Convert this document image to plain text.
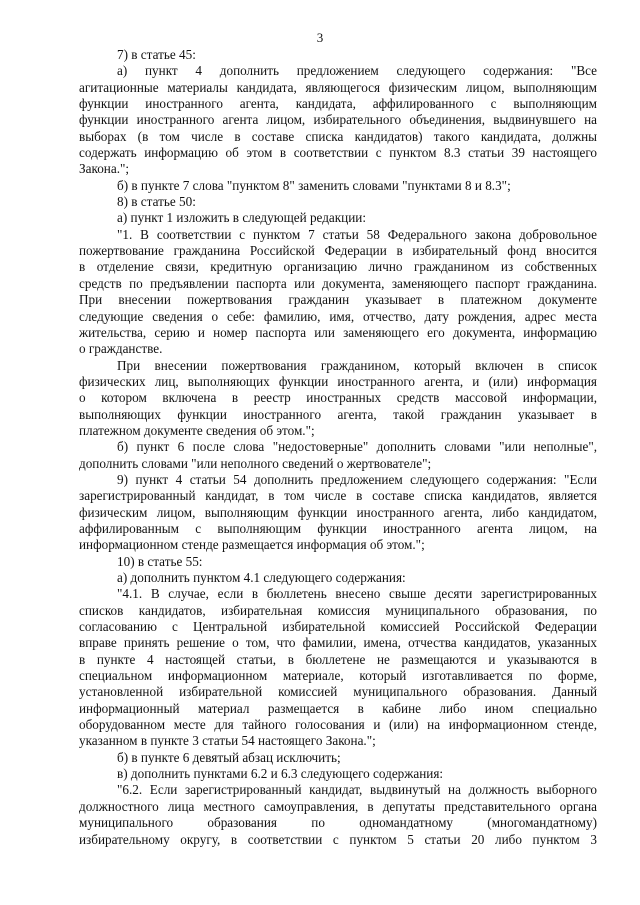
3
7) в статье 45:
а) пункт 4 дополнить предложением следующего содержания: "Все
агитационные материалы кандидата, являющегося физическим лицом, выполняющим
функции иностранного агента, кандидата, аффилированного с выполняющим
функции иностранного агента лицом, избирательного объединения, выдвинувшего на
выборах (в том числе в составе списка кандидатов) такого кандидата, должны
содержать информацию об этом в соответствии с пунктом 8.3 статьи 39 настоящего
Закона.";
б) в пункте 7 слова "пунктом 8" заменить словами "пунктами 8 и 8.3";
8) в статье 50:
а) пункт 1 изложить в следующей редакции:
"1. В соответствии с пунктом 7 статьи 58 Федерального закона добровольное
пожертвование гражданина Российской Федерации в избирательный фонд вносится
в отделение связи, кредитную организацию лично гражданином из собственных
средств по предъявлении паспорта или документа, заменяющего паспорт гражданина.
При внесении пожертвования гражданин указывает в платежном документе
следующие сведения о себе: фамилию, имя, отчество, дату рождения, адрес места
жительства, серию и номер паспорта или заменяющего его документа, информацию
о гражданстве.
При внесении пожертвования гражданином, который включен в список
физических лиц, выполняющих функции иностранного агента, и (или) информация
о котором включена в реестр иностранных средств массовой информации,
выполняющих функции иностранного агента, такой гражданин указывает в
платежном документе сведения об этом.";
б) пункт 6 после слова "недостоверные" дополнить словами "или неполные",
дополнить словами "или неполного сведений о жертвователе";
9) пункт 4 статьи 54 дополнить предложением следующего содержания: "Если
зарегистрированный кандидат, в том числе в составе списка кандидатов, является
физическим лицом, выполняющим функции иностранного агента, либо кандидатом,
аффилированным с выполняющим функции иностранного агента лицом, на
информационном стенде размещается информация об этом.";
10) в статье 55:
а) дополнить пунктом 4.1 следующего содержания:
"4.1. В случае, если в бюллетень внесено свыше десяти зарегистрированных
списков кандидатов, избирательная комиссия муниципального образования, по
согласованию с Центральной избирательной комиссией Российской Федерации
вправе принять решение о том, что фамилии, имена, отчества кандидатов, указанных
в пункте 4 настоящей статьи, в бюллетене не размещаются и указываются в
специальном информационном материале, который изготавливается по форме,
установленной избирательной комиссией муниципального образования. Данный
информационный материал размещается в кабине либо ином специально
оборудованном месте для тайного голосования и (или) на информационном стенде,
указанном в пункте 3 статьи 54 настоящего Закона.";
б) в пункте 6 девятый абзац исключить;
в) дополнить пунктами 6.2 и 6.3 следующего содержания:
"6.2. Если зарегистрированный кандидат, выдвинутый на должность выборного
должностного лица местного самоуправления, в депутаты представительного органа
муниципального образования по одномандатному (многомандатному)
избирательному округу, в соответствии с пунктом 5 статьи 20 либо пунктом 3
